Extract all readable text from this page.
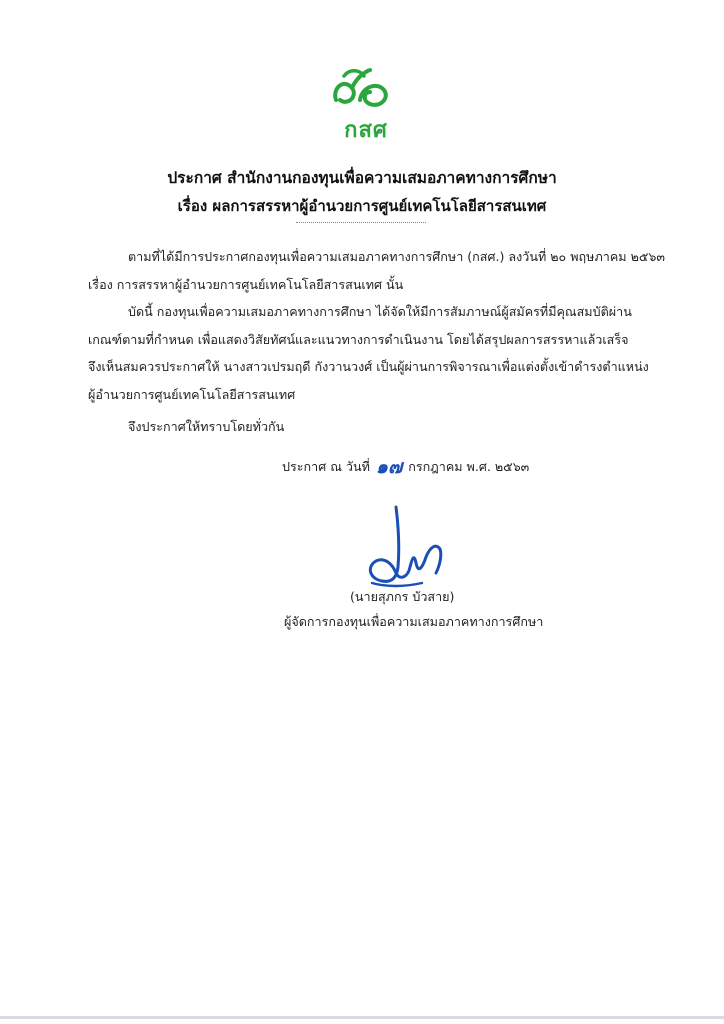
กสศ
ประกาศ สำนักงานกองทุนเพื่อความเสมอภาคทางการศึกษา
เรื่อง ผลการสรรหาผู้อำนวยการศูนย์เทคโนโลยีสารสนเทศ
ตามที่ได้มีการประกาศกองทุนเพื่อความเสมอภาคทางการศึกษา (กสศ.) ลงวันที่ ๒๐ พฤษภาคม ๒๕๖๓
เรื่อง การสรรหาผู้อำนวยการศูนย์เทคโนโลยีสารสนเทศ นั้น
บัดนี้ กองทุนเพื่อความเสมอภาคทางการศึกษา ได้จัดให้มีการสัมภาษณ์ผู้สมัครที่มีคุณสมบัติผ่าน
เกณฑ์ตามที่กำหนด เพื่อแสดงวิสัยทัศน์และแนวทางการดำเนินงาน โดยได้สรุปผลการสรรหาแล้วเสร็จ
จึงเห็นสมควรประกาศให้ นางสาวเปรมฤดี กังวานวงศ์ เป็นผู้ผ่านการพิจารณาเพื่อแต่งตั้งเข้าดำรงตำแหน่ง
ผู้อำนวยการศูนย์เทคโนโลยีสารสนเทศ
จึงประกาศให้ทราบโดยทั่วกัน
ประกาศ ณ วันที่ ๑๗ กรกฎาคม พ.ศ. ๒๕๖๓
(นายสุภกร บัวสาย)
ผู้จัดการกองทุนเพื่อความเสมอภาคทางการศึกษา
